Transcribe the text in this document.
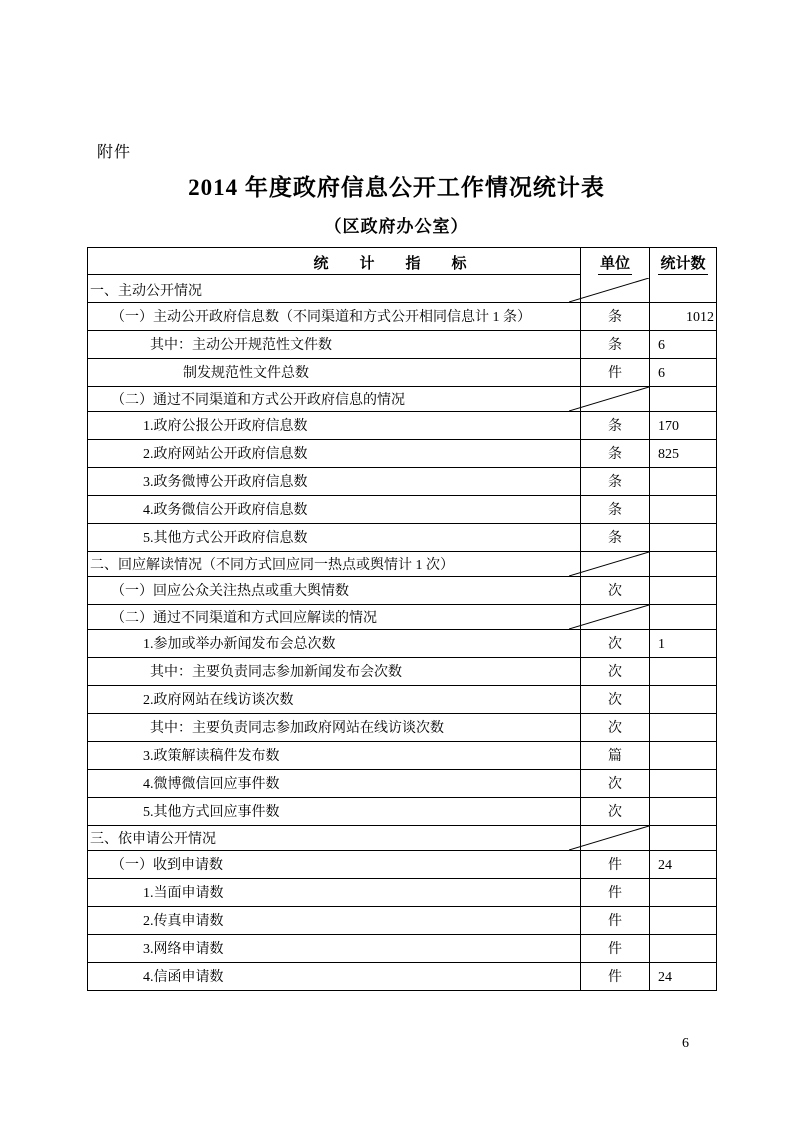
附件
2014 年度政府信息公开工作情况统计表
（区政府办公室）
统　计　指　标	单位 统计数
一、主动公开情况
（一）主动公开政府信息数（不同渠道和方式公开相同信息计 1 条）	条	1012
其中：主动公开规范性文件数	条	6
制发规范性文件总数	件	6
（二）通过不同渠道和方式公开政府信息的情况
1.政府公报公开政府信息数	条	170
2.政府网站公开政府信息数	条	825
3.政务微博公开政府信息数	条
4.政务微信公开政府信息数	条
5.其他方式公开政府信息数	条
二、回应解读情况（不同方式回应同一热点或舆情计 1 次）
（一）回应公众关注热点或重大舆情数	次
（二）通过不同渠道和方式回应解读的情况
1.参加或举办新闻发布会总次数	次	1
其中：主要负责同志参加新闻发布会次数	次
2.政府网站在线访谈次数	次
其中：主要负责同志参加政府网站在线访谈次数	次
3.政策解读稿件发布数	篇
4.微博微信回应事件数	次
5.其他方式回应事件数	次
三、依申请公开情况
（一）收到申请数	件	24
1.当面申请数	件
2.传真申请数	件
3.网络申请数	件
4.信函申请数	件	24
6
